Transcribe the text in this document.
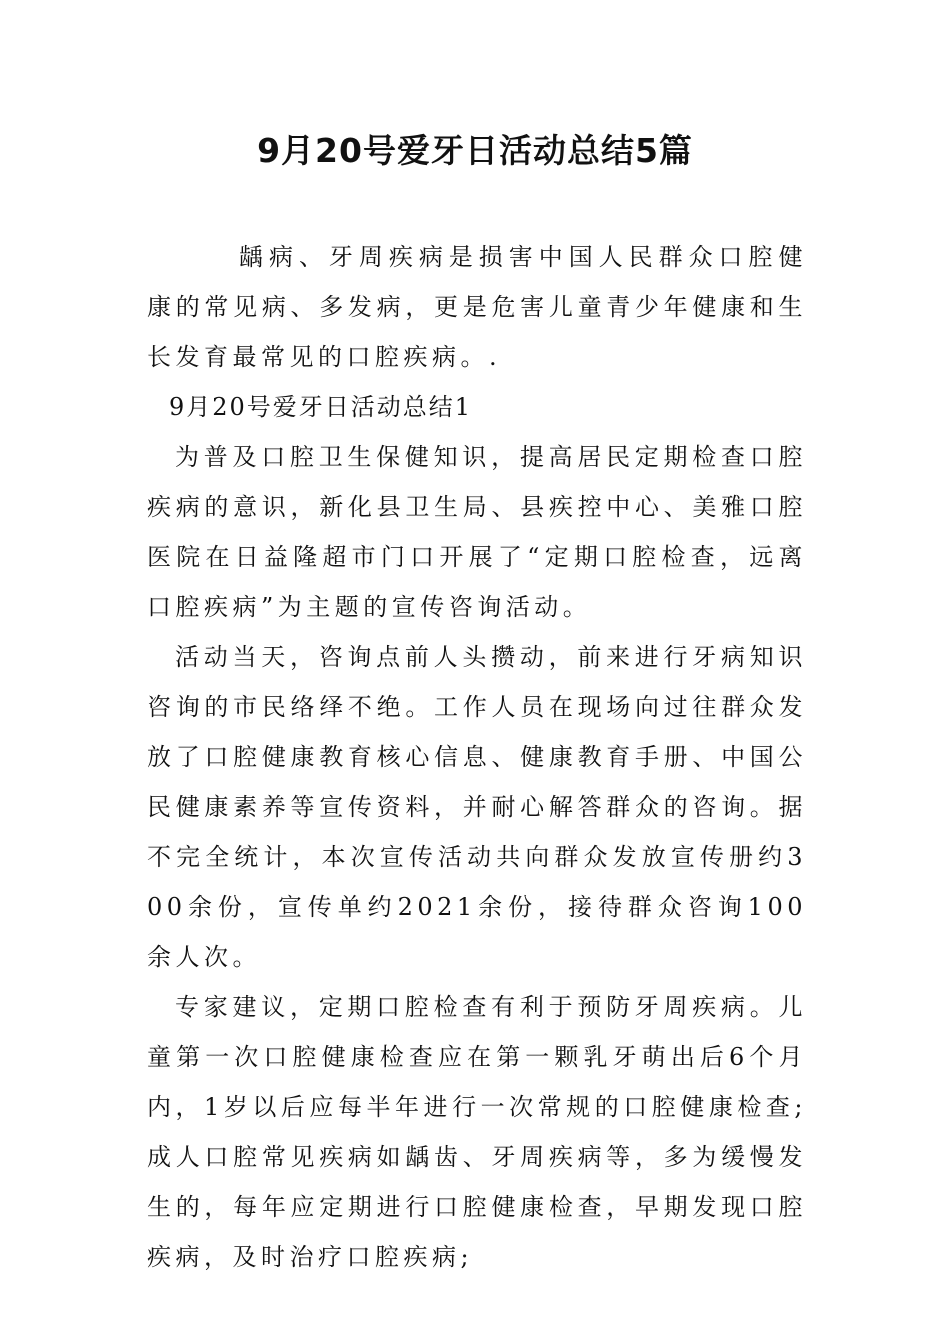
9月20号爱牙日活动总结5篇

龋病、牙周疾病是损害中国人民群众口腔健康的常见病、多发病，更是危害儿童青少年健康和生长发育最常见的口腔疾病。.

9月20号爱牙日活动总结1

为普及口腔卫生保健知识，提高居民定期检查口腔疾病的意识，新化县卫生局、县疾控中心、美雅口腔医院在日益隆超市门口开展了“定期口腔检查，远离口腔疾病”为主题的宣传咨询活动。

活动当天，咨询点前人头攒动，前来进行牙病知识咨询的市民络绎不绝。工作人员在现场向过往群众发放了口腔健康教育核心信息、健康教育手册、中国公民健康素养等宣传资料，并耐心解答群众的咨询。据不完全统计，本次宣传活动共向群众发放宣传册约300余份，宣传单约2021余份，接待群众咨询100余人次。

专家建议，定期口腔检查有利于预防牙周疾病。儿童第一次口腔健康检查应在第一颗乳牙萌出后6个月内，1岁以后应每半年进行一次常规的口腔健康检查;成人口腔常见疾病如龋齿、牙周疾病等，多为缓慢发生的，每年应定期进行口腔健康检查，早期发现口腔疾病，及时治疗口腔疾病;
